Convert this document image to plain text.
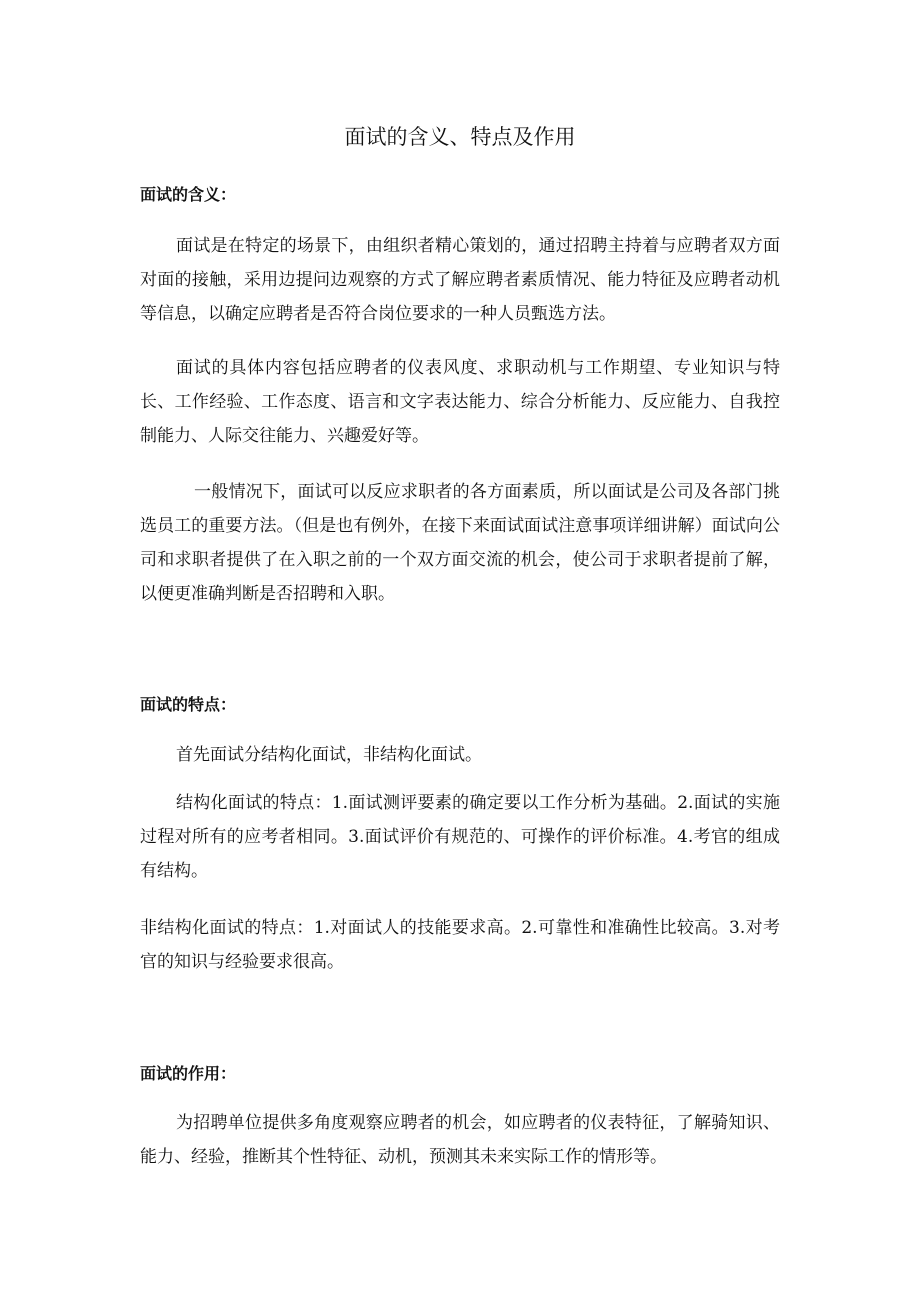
面试的含义、特点及作用
面试的含义：

面试是在特定的场景下，由组织者精心策划的，通过招聘主持着与应聘者双方面对面的接触，采用边提问边观察的方式了解应聘者素质情况、能力特征及应聘者动机等信息，以确定应聘者是否符合岗位要求的一种人员甄选方法。

面试的具体内容包括应聘者的仪表风度、求职动机与工作期望、专业知识与特长、工作经验、工作态度、语言和文字表达能力、综合分析能力、反应能力、自我控制能力、人际交往能力、兴趣爱好等。

一般情况下，面试可以反应求职者的各方面素质，所以面试是公司及各部门挑选员工的重要方法。（但是也有例外，在接下来面试面试注意事项详细讲解）面试向公司和求职者提供了在入职之前的一个双方面交流的机会，使公司于求职者提前了解，以便更准确判断是否招聘和入职。

面试的特点：

首先面试分结构化面试，非结构化面试。

结构化面试的特点：1.面试测评要素的确定要以工作分析为基础。2.面试的实施过程对所有的应考者相同。3.面试评价有规范的、可操作的评价标准。4.考官的组成有结构。

非结构化面试的特点：1.对面试人的技能要求高。2.可靠性和准确性比较高。3.对考官的知识与经验要求很高。

面试的作用：

为招聘单位提供多角度观察应聘者的机会，如应聘者的仪表特征，了解骑知识、能力、经验，推断其个性特征、动机，预测其未来实际工作的情形等。
